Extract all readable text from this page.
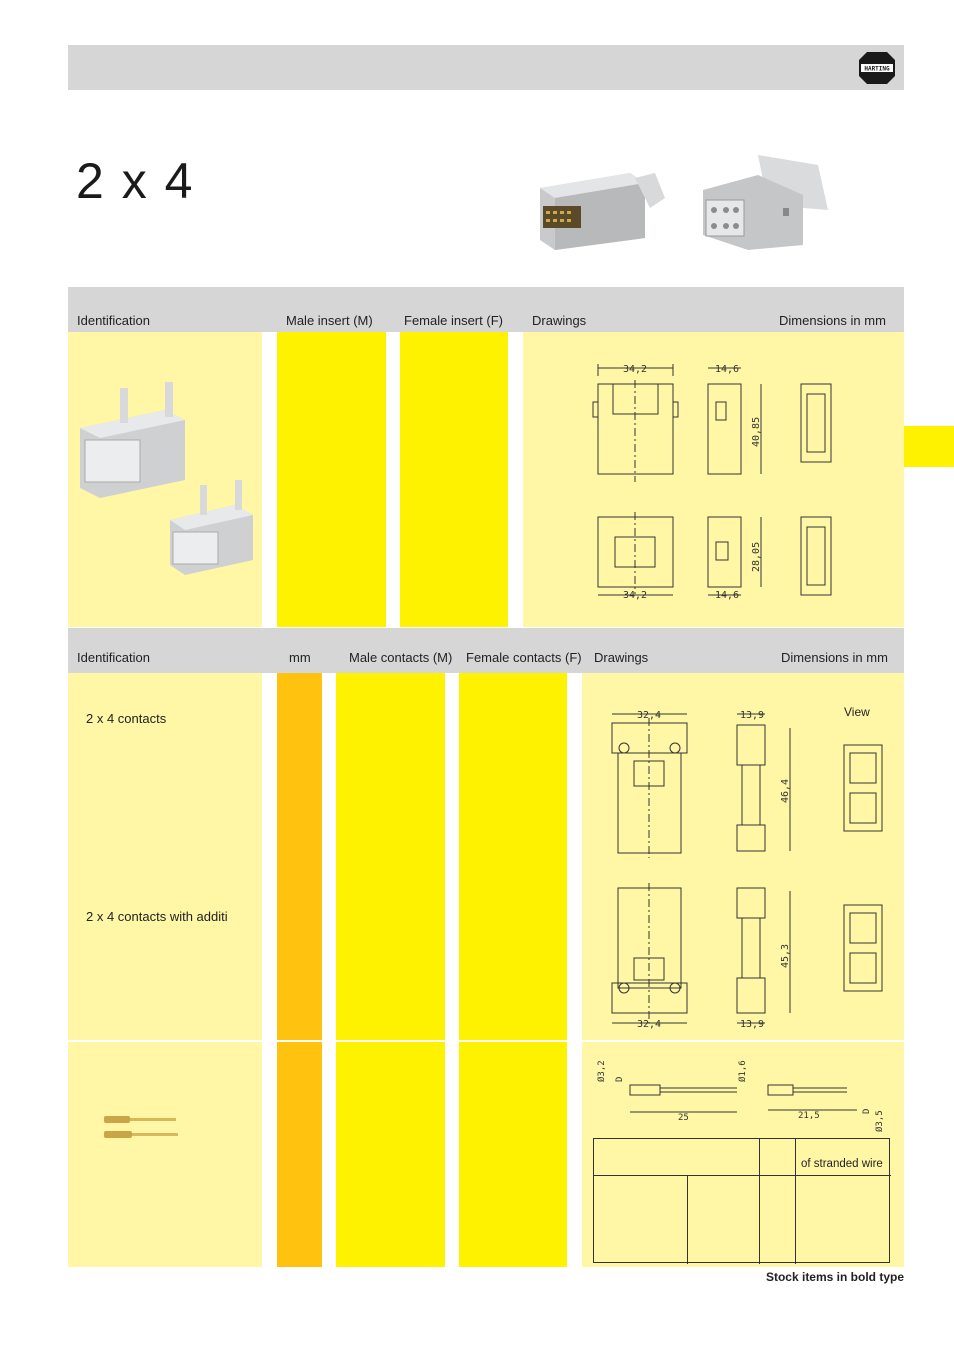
HARTING
2 x 4
Identification	Male insert (M) Female insert (F) Drawings	Dimensions in mm
34,2	14,6
40,85
34,2	14,6
28,05
Identification	mm	Male contacts (M) Female contacts (F) Drawings	Dimensions in mm
2 x 4 contacts
2 x 4 contacts with additi
View
32,4	13,9
46,4
32,4	13,9
45,3
Ø3,2 D	Ø1,6
25	21,5	D Ø3,5
of stranded wire
Stock items in bold type
